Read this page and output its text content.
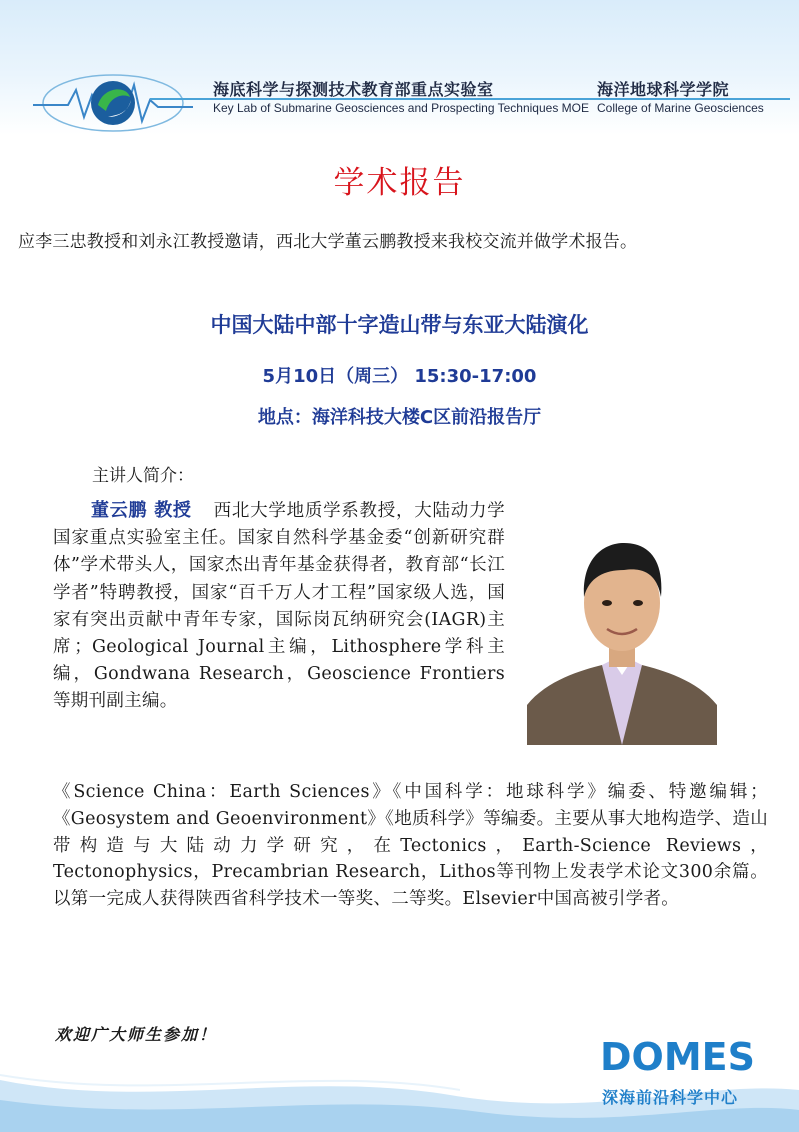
海底科学与探测技术教育部重点实验室
Key Lab of Submarine Geosciences and Prospecting Techniques MOE
海洋地球科学学院
College of Marine Geosciences
学术报告
应李三忠教授和刘永江教授邀请，西北大学董云鹏教授来我校交流并做学术报告。
中国大陆中部十字造山带与东亚大陆演化
5月10日（周三） 15:30-17:00
地点：海洋科技大楼C区前沿报告厅
主讲人简介：
董云鹏 教授 西北大学地质学系教授，大陆动力学国家重点实验室主任。国家自然科学基金委“创新研究群体”学术带头人，国家杰出青年基金获得者，教育部“长江学者”特聘教授，国家“百千万人才工程”国家级人选，国家有突出贡献中青年专家，国际岗瓦纳研究会(IAGR)主席；Geological Journal主编，Lithosphere学科主编，Gondwana Research，Geoscience Frontiers等期刊副主编。
《Science China：Earth Sciences》《中国科学：地球科学》编委、特邀编辑；《Geosystem and Geoenvironment》《地质科学》等编委。主要从事大地构造学、造山带构造与大陆动力学研究，在Tectonics，Earth-Science Reviews，Tectonophysics，Precambrian Research，Lithos等刊物上发表学术论文300余篇。以第一完成人获得陕西省科学技术一等奖、二等奖。Elsevier中国高被引学者。
欢迎广大师生参加！
DOMES
深海前沿科学中心
